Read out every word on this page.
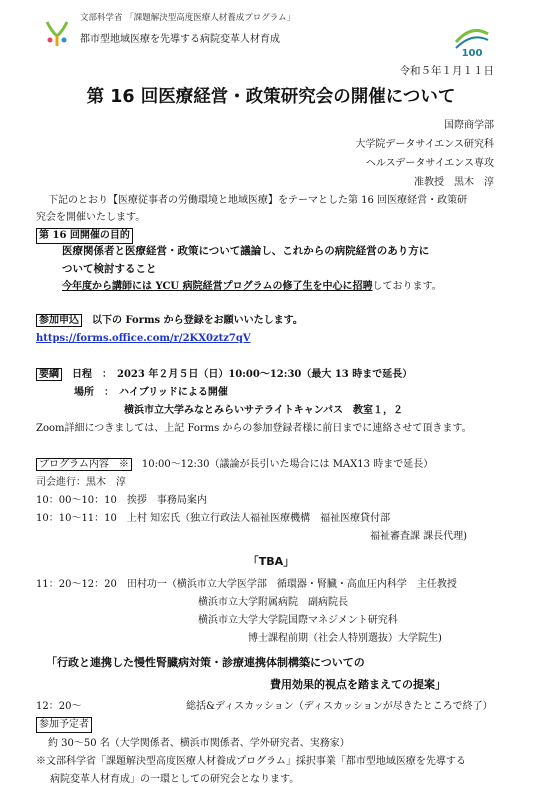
文部科学省 「課題解決型高度医療人材養成プログラム」
都市型地域医療を先導する病院変革人材育成
100
令和５年１月１１日
第 16 回医療経営・政策研究会の開催について
国際商学部
大学院データサイエンス研究科
ヘルスデータサイエンス専攻
准教授　黒木　淳
下記のとおり【医療従事者の労働環境と地域医療】をテーマとした第 16 回医療経営・政策研
究会を開催いたします。
第 16 回開催の目的
医療関係者と医療経営・政策について議論し、これからの病院経営のあり方に
ついて検討すること
今年度から講師には YCU 病院経営プログラムの修了生を中心に招聘しております。
参加申込　 以下の Forms から登録をお願いいたします。
https://forms.office.com/r/2KX0ztz7qV
要綱　 日程　：　 2023 年２月５日（日）10:00～12:30（最大 13 時まで延長）
場所　：　 ハイブリッドによる開催
横浜市立大学みなとみらいサテライトキャンパス　教室１，２
Zoom詳細につきましては、上記 Forms からの参加登録者様に前日までに連絡させて頂きます。
プログラム内容　※　 10:00～12:30（議論が長引いた場合には MAX13 時まで延長）
司会進行：黒木　淳
10：00～10：10　挨拶　事務局案内
10：10～11：10　上村 知宏氏（独立行政法人福祉医療機構　福祉医療貸付部
福祉審査課 課長代理)
「TBA」
11：20～12：20　田村功一（横浜市立大学医学部　循環器・腎臓・高血圧内科学　主任教授
横浜市立大学附属病院　副病院長
横浜市立大学大学院国際マネジメント研究科
博士課程前期（社会人特別選抜）大学院生)
「行政と連携した慢性腎臓病対策・診療連携体制構築についての
費用効果的視点を踏まえての提案」
12：20～	総括&ディスカッション（ディスカッションが尽きたところで終了）
参加予定者
約 30～50 名（大学関係者、横浜市関係者、学外研究者、実務家）
※文部科学省「課題解決型高度医療人材養成プログラム」採択事業「都市型地域医療を先導する
病院変革人材育成」の一環としての研究会となります。
